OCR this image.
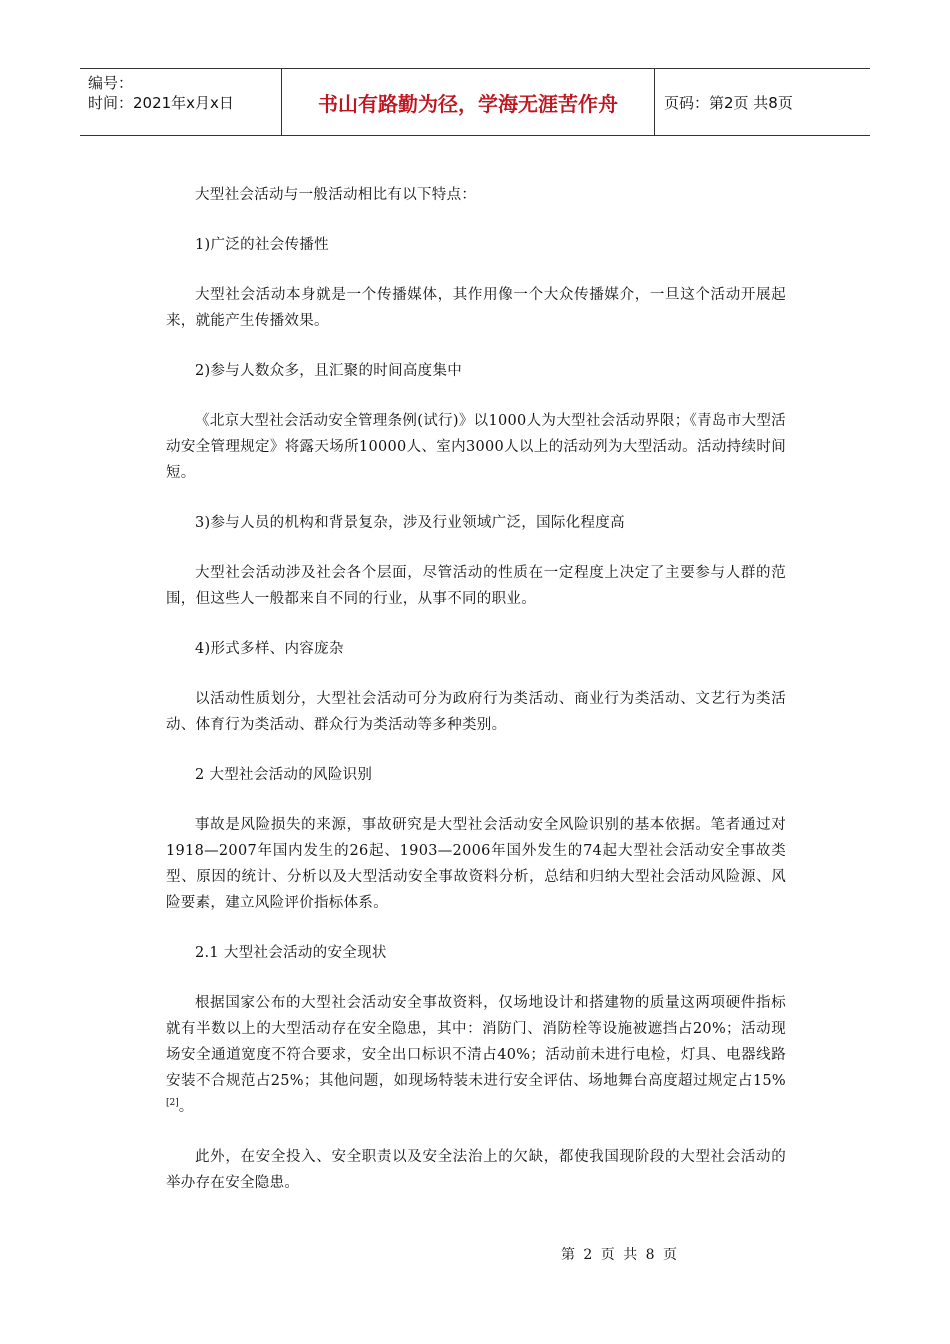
编号：
时间：2021年x月x日	书山有路勤为径，学海无涯苦作舟	页码：第2页 共8页

大型社会活动与一般活动相比有以下特点：

1)广泛的社会传播性

大型社会活动本身就是一个传播媒体，其作用像一个大众传播媒介，一旦这个活动开展起来，就能产生传播效果。

2)参与人数众多，且汇聚的时间高度集中

《北京大型社会活动安全管理条例(试行)》以1000人为大型社会活动界限；《青岛市大型活动安全管理规定》将露天场所10000人、室内3000人以上的活动列为大型活动。活动持续时间短。

3)参与人员的机构和背景复杂，涉及行业领域广泛，国际化程度高

大型社会活动涉及社会各个层面，尽管活动的性质在一定程度上决定了主要参与人群的范围，但这些人一般都来自不同的行业，从事不同的职业。

4)形式多样、内容庞杂

以活动性质划分，大型社会活动可分为政府行为类活动、商业行为类活动、文艺行为类活动、体育行为类活动、群众行为类活动等多种类别。

2 大型社会活动的风险识别

事故是风险损失的来源，事故研究是大型社会活动安全风险识别的基本依据。笔者通过对1918—2007年国内发生的26起、1903—2006年国外发生的74起大型社会活动安全事故类型、原因的统计、分析以及大型活动安全事故资料分析，总结和归纳大型社会活动风险源、风险要素，建立风险评价指标体系。

2.1 大型社会活动的安全现状

根据国家公布的大型社会活动安全事故资料，仅场地设计和搭建物的质量这两项硬件指标就有半数以上的大型活动存在安全隐患，其中：消防门、消防栓等设施被遮挡占20%；活动现场安全通道宽度不符合要求，安全出口标识不清占40%；活动前未进行电检，灯具、电器线路安装不合规范占25%；其他问题，如现场特装未进行安全评估、场地舞台高度超过规定占15%[2]。

此外，在安全投入、安全职责以及安全法治上的欠缺，都使我国现阶段的大型社会活动的举办存在安全隐患。

第 2 页 共 8 页
